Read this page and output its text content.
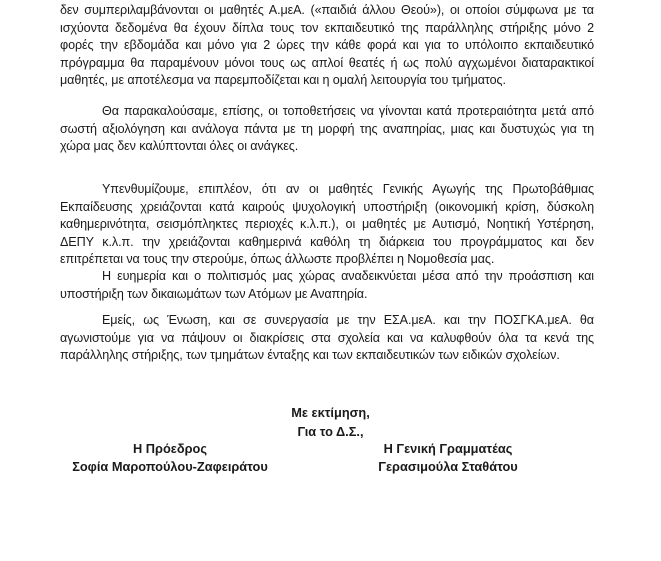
δεν συμπεριλαμβάνονται οι μαθητές Α.μεΑ. («παιδιά άλλου Θεού»), οι οποίοι σύμφωνα με τα ισχύοντα δεδομένα θα έχουν δίπλα τους τον εκπαιδευτικό της παράλληλης στήριξης μόνο 2 φορές την εβδομάδα και μόνο για 2 ώρες την κάθε φορά και για το υπόλοιπο εκπαιδευτικό πρόγραμμα θα παραμένουν μόνοι τους ως απλοί θεατές ή ως πολύ αγχωμένοι διαταρακτικοί μαθητές, με αποτέλεσμα να παρεμποδίζεται και η ομαλή λειτουργία του τμήματος.

Θα παρακαλούσαμε, επίσης, οι τοποθετήσεις να γίνονται κατά προτεραιότητα μετά από σωστή αξιολόγηση και ανάλογα πάντα με τη μορφή της αναπηρίας, μιας και δυστυχώς για τη χώρα μας δεν καλύπτονται όλες οι ανάγκες.

Υπενθυμίζουμε, επιπλέον, ότι αν οι μαθητές Γενικής Αγωγής της Πρωτοβάθμιας Εκπαίδευσης χρειάζονται κατά καιρούς ψυχολογική υποστήριξη (οικονομική κρίση, δύσκολη καθημερινότητα, σεισμόπληκτες περιοχές κ.λ.π.), οι μαθητές με Αυτισμό, Νοητική Υστέρηση, ΔΕΠΥ κ.λ.π. την χρειάζονται καθημερινά καθόλη τη διάρκεια του προγράμματος και δεν επιτρέπεται να τους την στερούμε, όπως άλλωστε προβλέπει η Νομοθεσία μας.

Η ευημερία και ο πολιτισμός μας χώρας αναδεικνύεται μέσα από την προάσπιση και υποστήριξη των δικαιωμάτων των Ατόμων με Αναπηρία.

Εμείς, ως Ένωση, και σε συνεργασία με την ΕΣΑ.μεΑ. και την ΠΟΣΓΚΑ.μεΑ. θα αγωνιστούμε για να πάψουν οι διακρίσεις στα σχολεία και να καλυφθούν όλα τα κενά της παράλληλης στήριξης, των τμημάτων ένταξης και των εκπαιδευτικών των ειδικών σχολείων.

Με εκτίμηση,
Για το Δ.Σ.,
Η Πρόεδρος
Σοφία Μαροπούλου-Ζαφειράτου
Η Γενική Γραμματέας
Γερασιμούλα Σταθάτου
